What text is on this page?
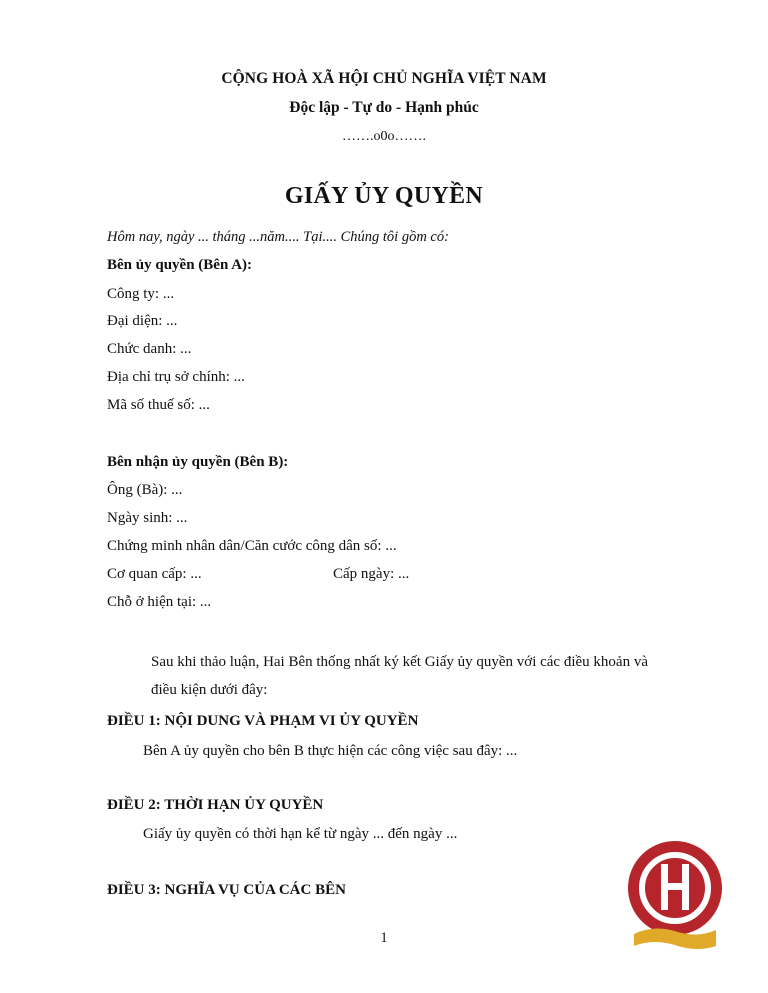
CỘNG HOÀ XÃ HỘI CHỦ NGHĨA VIỆT NAM
Độc lập - Tự do - Hạnh phúc
…….o0o…….
GIẤY ỦY QUYỀN
Hôm nay, ngày ... tháng ...năm.... Tại.... Chúng tôi gồm có:
Bên ủy quyền (Bên A):
Công ty: ...
Đại diện: ...
Chức danh: ...
Địa chỉ trụ sở chính: ...
Mã số thuế số: ...
Bên nhận ủy quyền (Bên B):
Ông (Bà): ...
Ngày sinh: ...
Chứng minh nhân dân/Căn cước công dân số: ...
Cơ quan cấp: ...	Cấp ngày: ...
Chỗ ở hiện tại: ...
Sau khi thảo luận, Hai Bên thống nhất ký kết Giấy ủy quyền với các điều khoản và
điều kiện dưới đây:
ĐIỀU 1: NỘI DUNG VÀ PHẠM VI ỦY QUYỀN
Bên A ủy quyền cho bên B thực hiện các công việc sau đây: ...
ĐIỀU 2: THỜI HẠN ỦY QUYỀN
Giấy ủy quyền có thời hạn kể từ ngày ... đến ngày ...
ĐIỀU 3: NGHĨA VỤ CỦA CÁC BÊN
1
